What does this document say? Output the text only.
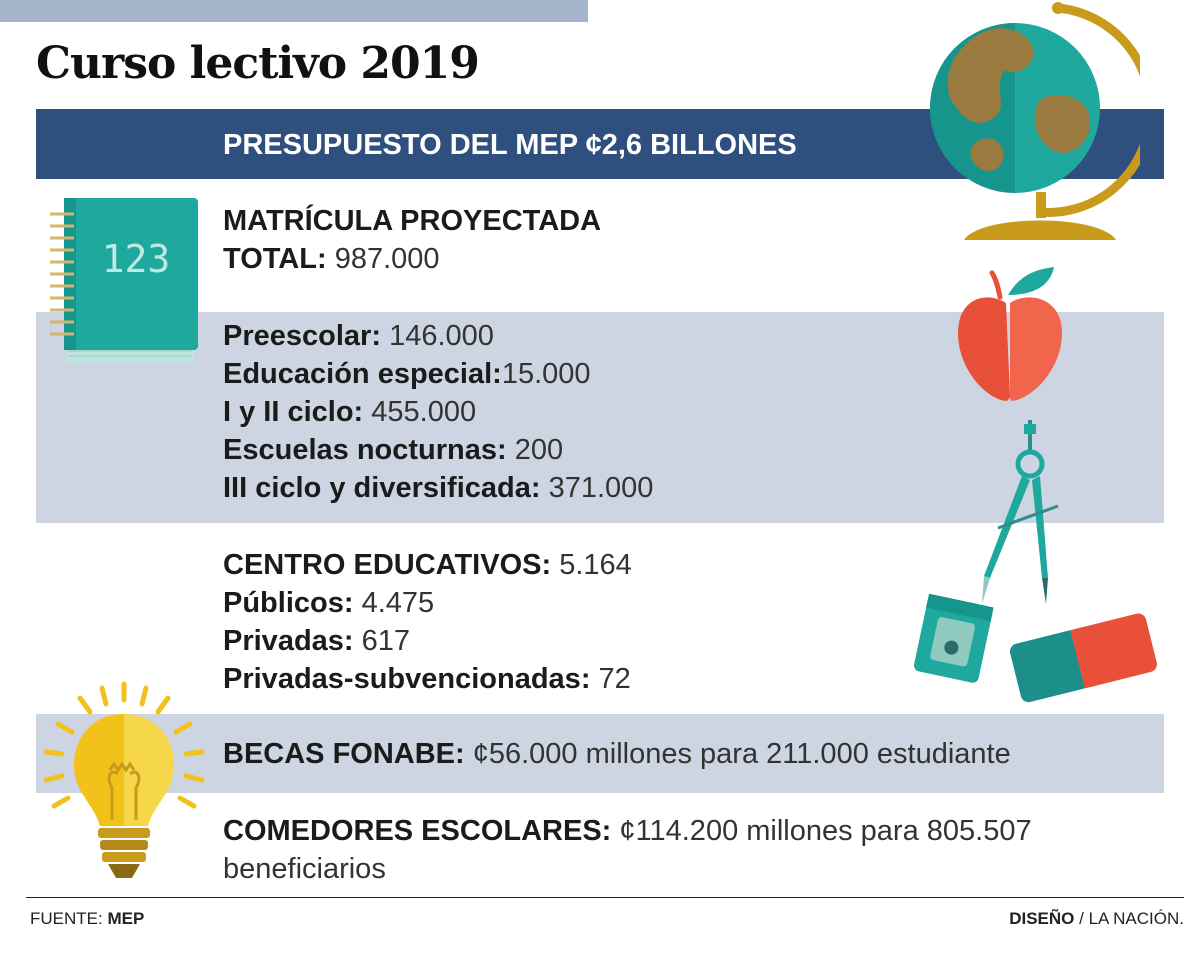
Curso lectivo 2019
PRESUPUESTO DEL MEP ¢2,6 BILLONES
123
MATRÍCULA PROYECTADA
TOTAL: 987.000
Preescolar: 146.000
Educación especial:15.000
I y II ciclo: 455.000
Escuelas nocturnas: 200
III ciclo y diversificada: 371.000
CENTRO EDUCATIVOS: 5.164
Públicos: 4.475
Privadas: 617
Privadas-subvencionadas: 72
BECAS FONABE: ¢56.000 millones para 211.000 estudiante
COMEDORES ESCOLARES: ¢114.200 millones para 805.507 beneficiarios
FUENTE: MEP	DISEÑO / LA NACIÓN.
